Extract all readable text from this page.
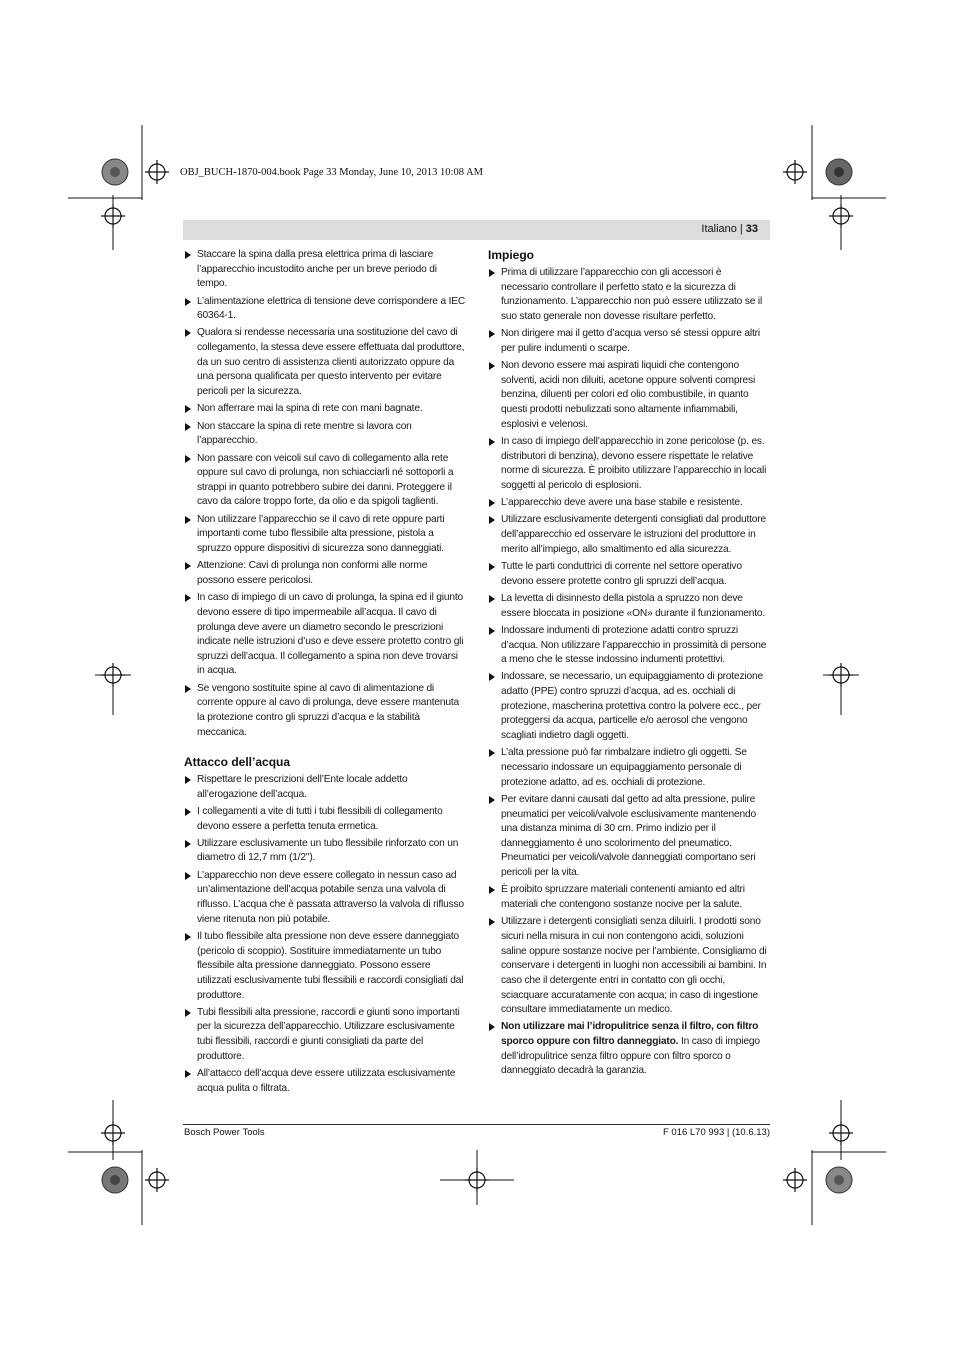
OBJ_BUCH-1870-004.book Page 33 Monday, June 10, 2013 10:08 AM
Italiano | 33
Staccare la spina dalla presa elettrica prima di lasciare l’apparecchio incustodito anche per un breve periodo di tempo.
L’alimentazione elettrica di tensione deve corrispondere a IEC 60364-1.
Qualora si rendesse necessaria una sostituzione del cavo di collegamento, la stessa deve essere effettuata dal produttore, da un suo centro di assistenza clienti autorizzato oppure da una persona qualificata per questo intervento per evitare pericoli per la sicurezza.
Non afferrare mai la spina di rete con mani bagnate.
Non staccare la spina di rete mentre si lavora con l’apparecchio.
Non passare con veicoli sul cavo di collegamento alla rete oppure sul cavo di prolunga, non schiacciarli né sottoporli a strappi in quanto potrebbero subire dei danni. Proteggere il cavo da calore troppo forte, da olio e da spigoli taglienti.
Non utilizzare l’apparecchio se il cavo di rete oppure parti importanti come tubo flessibile alta pressione, pistola a spruzzo oppure dispositivi di sicurezza sono danneggiati.
Attenzione: Cavi di prolunga non conformi alle norme possono essere pericolosi.
In caso di impiego di un cavo di prolunga, la spina ed il giunto devono essere di tipo impermeabile all’acqua. Il cavo di prolunga deve avere un diametro secondo le prescrizioni indicate nelle istruzioni d’uso e deve essere protetto contro gli spruzzi dell’acqua. Il collegamento a spina non deve trovarsi in acqua.
Se vengono sostituite spine al cavo di alimentazione di corrente oppure al cavo di prolunga, deve essere mantenuta la protezione contro gli spruzzi d’acqua e la stabilità meccanica.
Attacco dell’acqua
Rispettare le prescrizioni dell’Ente locale addetto all’erogazione dell’acqua.
I collegamenti a vite di tutti i tubi flessibili di collegamento devono essere a perfetta tenuta ermetica.
Utilizzare esclusivamente un tubo flessibile rinforzato con un diametro di 12,7 mm (1/2").
L’apparecchio non deve essere collegato in nessun caso ad un’alimentazione dell’acqua potabile senza una valvola di riflusso. L’acqua che è passata attraverso la valvola di riflusso viene ritenuta non più potabile.
Il tubo flessibile alta pressione non deve essere danneggiato (pericolo di scoppio). Sostituire immediatamente un tubo flessibile alta pressione danneggiato. Possono essere utilizzati esclusivamente tubi flessibili e raccordi consigliati dal produttore.
Tubi flessibili alta pressione, raccordi e giunti sono importanti per la sicurezza dell’apparecchio. Utilizzare esclusivamente tubi flessibili, raccordi e giunti consigliati da parte del produttore.
All’attacco dell’acqua deve essere utilizzata esclusivamente acqua pulita o filtrata.
Impiego
Prima di utilizzare l’apparecchio con gli accessori è necessario controllare il perfetto stato e la sicurezza di funzionamento. L’apparecchio non può essere utilizzato se il suo stato generale non dovesse risultare perfetto.
Non dirigere mai il getto d’acqua verso sé stessi oppure altri per pulire indumenti o scarpe.
Non devono essere mai aspirati liquidi che contengono solventi, acidi non diluiti, acetone oppure solventi compresi benzina, diluenti per colori ed olio combustibile, in quanto questi prodotti nebulizzati sono altamente infiammabili, esplosivi e velenosi.
In caso di impiego dell’apparecchio in zone pericolose (p. es. distributori di benzina), devono essere rispettate le relative norme di sicurezza. È proibito utilizzare l’apparecchio in locali soggetti al pericolo di esplosioni.
L’apparecchio deve avere una base stabile e resistente.
Utilizzare esclusivamente detergenti consigliati dal produttore dell’apparecchio ed osservare le istruzioni del produttore in merito all’impiego, allo smaltimento ed alla sicurezza.
Tutte le parti conduttrici di corrente nel settore operativo devono essere protette contro gli spruzzi dell’acqua.
La levetta di disinnesto della pistola a spruzzo non deve essere bloccata in posizione «ON» durante il funzionamento.
Indossare indumenti di protezione adatti contro spruzzi d’acqua. Non utilizzare l’apparecchio in prossimità di persone a meno che le stesse indossino indumenti protettivi.
Indossare, se necessario, un equipaggiamento di protezione adatto (PPE) contro spruzzi d’acqua, ad es. occhiali di protezione, mascherina protettiva contro la polvere ecc., per proteggersi da acqua, particelle e/o aerosol che vengono scagliati indietro dagli oggetti.
L’alta pressione può far rimbalzare indietro gli oggetti. Se necessario indossare un equipaggiamento personale di protezione adatto, ad es. occhiali di protezione.
Per evitare danni causati dal getto ad alta pressione, pulire pneumatici per veicoli/valvole esclusivamente mantenendo una distanza minima di 30 cm. Primo indizio per il danneggiamento è uno scolorimento del pneumatico. Pneumatici per veicoli/valvole danneggiati comportano seri pericoli per la vita.
È proibito spruzzare materiali contenenti amianto ed altri materiali che contengono sostanze nocive per la salute.
Utilizzare i detergenti consigliati senza diluirli. I prodotti sono sicuri nella misura in cui non contengono acidi, soluzioni saline oppure sostanze nocive per l’ambiente. Consigliamo di conservare i detergenti in luoghi non accessibili ai bambini. In caso che il detergente entri in contatto con gli occhi, sciacquare accuratamente con acqua; in caso di ingestione consultare immediatamente un medico.
Non utilizzare mai l’idropulitrice senza il filtro, con filtro sporco oppure con filtro danneggiato. In caso di impiego dell’idropulitrice senza filtro oppure con filtro sporco o danneggiato decadrà la garanzia.
Bosch Power Tools	F 016 L70 993 | (10.6.13)
